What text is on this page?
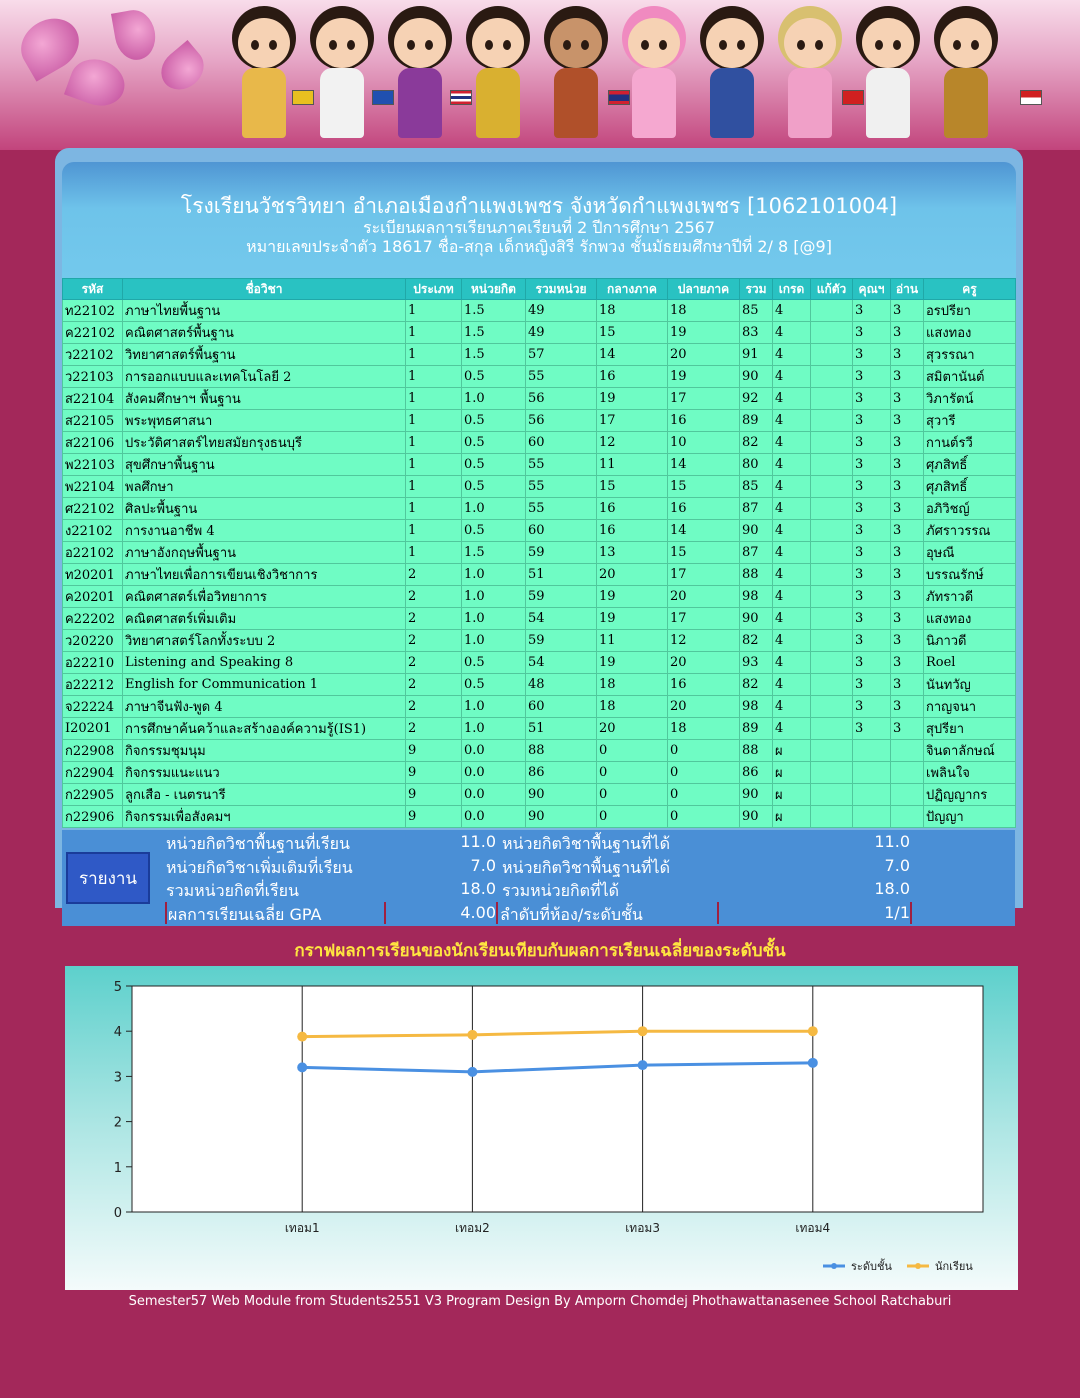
โรงเรียนวัชรวิทยา อำเภอเมืองกำแพงเพชร จังหวัดกำแพงเพชร [1062101004]
ระเบียนผลการเรียนภาคเรียนที่ 2 ปีการศึกษา 2567
หมายเลขประจำตัว 18617 ชื่อ-สกุล เด็กหญิงสิรี รักพวง ชั้นมัธยมศึกษาปีที่ 2/ 8 [@9]
รหัส	ชื่อวิชา	ประเภท	หน่วยกิต	รวมหน่วย	กลางภาค	ปลายภาค	รวม	เกรด	แก้ตัว	คุณฯ	อ่าน	ครู
ท22102	ภาษาไทยพื้นฐาน	1	1.5	49	18	18	85	4		3	3	อรปรียา
ค22102	คณิตศาสตร์พื้นฐาน	1	1.5	49	15	19	83	4		3	3	แสงทอง
ว22102	วิทยาศาสตร์พื้นฐาน	1	1.5	57	14	20	91	4		3	3	สุวรรณา
ว22103	การออกแบบและเทคโนโลยี 2	1	0.5	55	16	19	90	4		3	3	สมิตานันต์
ส22104	สังคมศึกษาฯ พื้นฐาน	1	1.0	56	19	17	92	4		3	3	วิภารัตน์
ส22105	พระพุทธศาสนา	1	0.5	56	17	16	89	4		3	3	สุวารี
ส22106	ประวัติศาสตร์ไทยสมัยกรุงธนบุรี	1	0.5	60	12	10	82	4		3	3	กานต์รวี
พ22103	สุขศึกษาพื้นฐาน	1	0.5	55	11	14	80	4		3	3	ศุภสิทธิ์
พ22104	พลศึกษา	1	0.5	55	15	15	85	4		3	3	ศุภสิทธิ์
ศ22102	ศิลปะพื้นฐาน	1	1.0	55	16	16	87	4		3	3	อภิวิชญ์
ง22102	การงานอาชีพ 4	1	0.5	60	16	14	90	4		3	3	ภัศราวรรณ
อ22102	ภาษาอังกฤษพื้นฐาน	1	1.5	59	13	15	87	4		3	3	อุษณี
ท20201	ภาษาไทยเพื่อการเขียนเชิงวิชาการ	2	1.0	51	20	17	88	4		3	3	บรรณรักษ์
ค20201	คณิตศาสตร์เพื่อวิทยาการ	2	1.0	59	19	20	98	4		3	3	ภัทราวดี
ค22202	คณิตศาสตร์เพิ่มเติม	2	1.0	54	19	17	90	4		3	3	แสงทอง
ว20220	วิทยาศาสตร์โลกทั้งระบบ 2	2	1.0	59	11	12	82	4		3	3	นิภาวดี
อ22210	Listening and Speaking 8	2	0.5	54	19	20	93	4		3	3	Roel
อ22212	English for Communication 1	2	0.5	48	18	16	82	4		3	3	นันทวัญ
จ22224	ภาษาจีนฟัง-พูด 4	2	1.0	60	18	20	98	4		3	3	กาญจนา
I20201	การศึกษาค้นคว้าและสร้างองค์ความรู้(IS1)	2	1.0	51	20	18	89	4		3	3	สุปรียา
ก22908	กิจกรรมชุมนุม	9	0.0	88	0	0	88	ผ				จินดาลักษณ์
ก22904	กิจกรรมแนะแนว	9	0.0	86	0	0	86	ผ				เพลินใจ
ก22905	ลูกเสือ - เนตรนารี	9	0.0	90	0	0	90	ผ				ปฏิญญากร
ก22906	กิจกรรมเพื่อสังคมฯ	9	0.0	90	0	0	90	ผ				ปัญญา
รายงาน
หน่วยกิตวิชาพื้นฐานที่เรียน	11.0 หน่วยกิตวิชาพื้นฐานที่ได้	11.0
หน่วยกิตวิชาเพิ่มเติมที่เรียน	7.0 หน่วยกิตวิชาพื้นฐานที่ได้	7.0
รวมหน่วยกิตที่เรียน	18.0 รวมหน่วยกิตที่ได้	18.0
ผลการเรียนเฉลี่ย GPA	4.00 ลำดับที่ห้อง/ระดับชั้น	1/1
กราฟผลการเรียนของนักเรียนเทียบกับผลการเรียนเฉลี่ยของระดับชั้น
0
1
2
3
4
5
เทอม1	เทอม2	เทอม3	เทอม4
ระดับชั้น	นักเรียน
Semester57 Web Module from Students2551 V3 Program Design By Amporn Chomdej Phothawattanasenee School Ratchaburi
